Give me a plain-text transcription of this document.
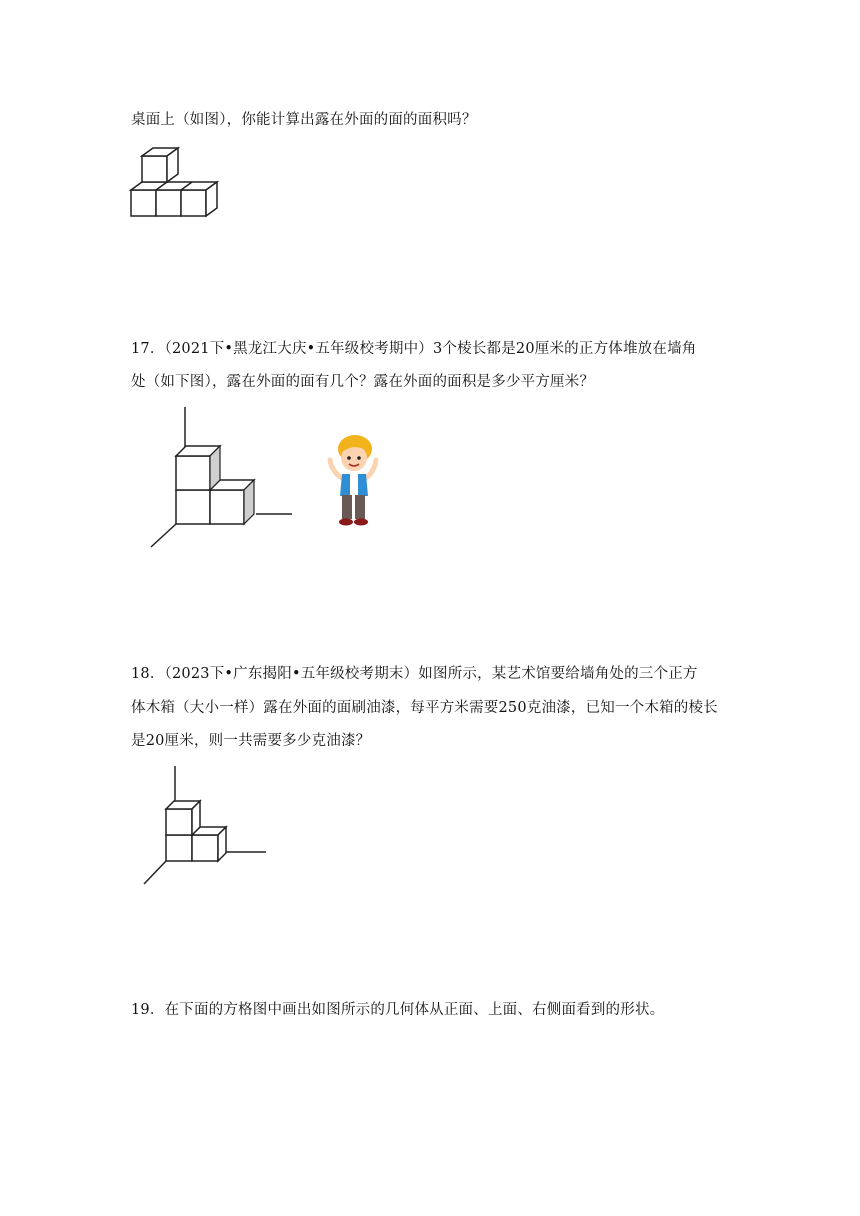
桌面上（如图），你能计算出露在外面的面的面积吗？
17．（2021下•黑龙江大庆•五年级校考期中）3个棱长都是20厘米的正方体堆放在墙角
处（如下图），露在外面的面有几个？露在外面的面积是多少平方厘米？
18．（2023下•广东揭阳•五年级校考期末）如图所示，某艺术馆要给墙角处的三个正方
体木箱（大小一样）露在外面的面刷油漆，每平方米需要250克油漆，已知一个木箱的棱长
是20厘米，则一共需要多少克油漆？
19．在下面的方格图中画出如图所示的几何体从正面、上面、右侧面看到的形状。
